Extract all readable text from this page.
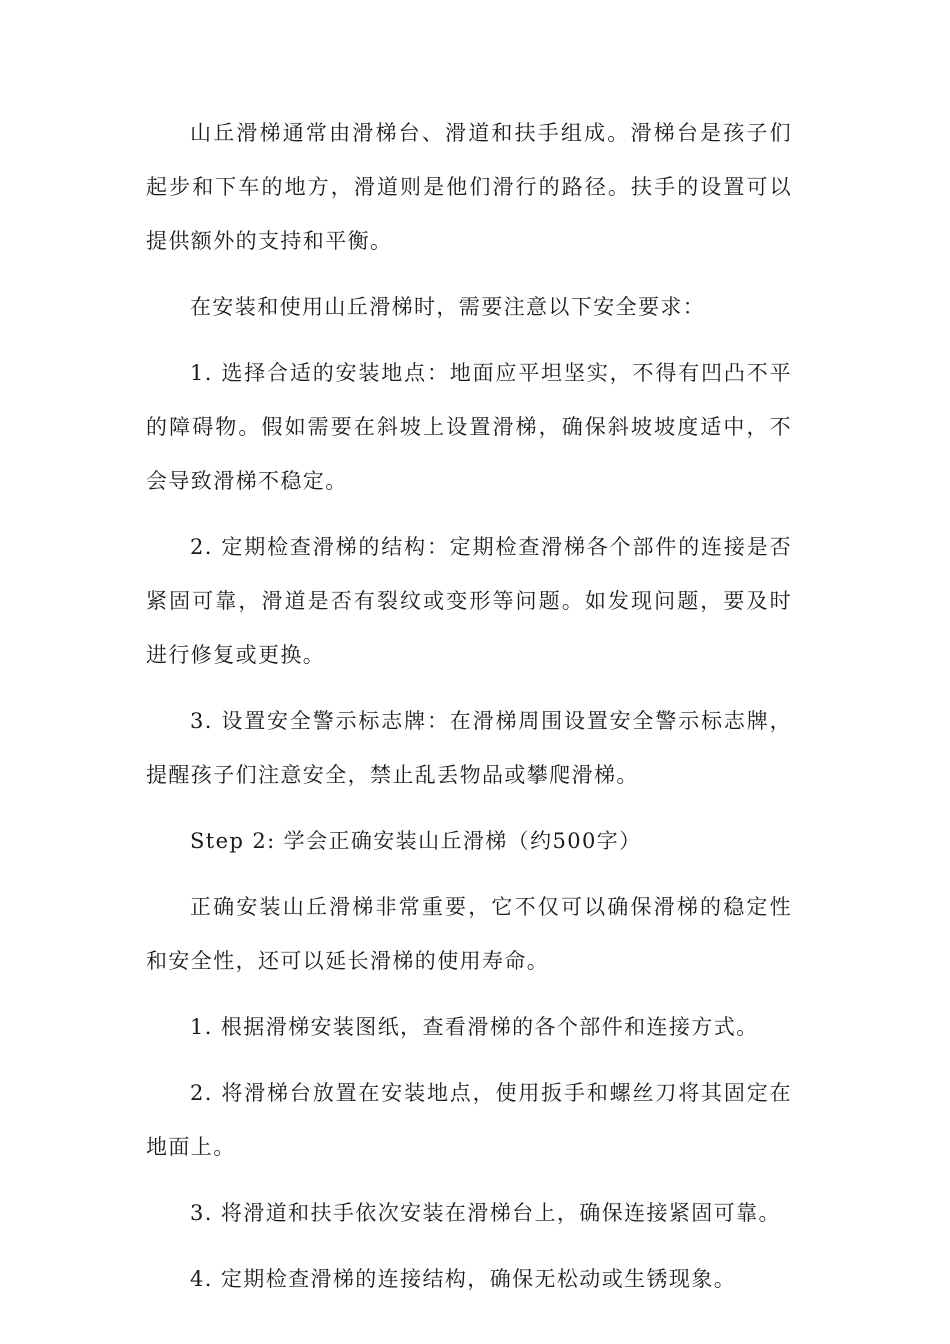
山丘滑梯通常由滑梯台、滑道和扶手组成。滑梯台是孩子们起步和下车的地方，滑道则是他们滑行的路径。扶手的设置可以提供额外的支持和平衡。

在安装和使用山丘滑梯时，需要注意以下安全要求：

1. 选择合适的安装地点：地面应平坦坚实，不得有凹凸不平的障碍物。假如需要在斜坡上设置滑梯，确保斜坡坡度适中，不会导致滑梯不稳定。

2. 定期检查滑梯的结构：定期检查滑梯各个部件的连接是否紧固可靠，滑道是否有裂纹或变形等问题。如发现问题，要及时进行修复或更换。

3. 设置安全警示标志牌：在滑梯周围设置安全警示标志牌，提醒孩子们注意安全，禁止乱丢物品或攀爬滑梯。

Step 2: 学会正确安装山丘滑梯（约500字）

正确安装山丘滑梯非常重要，它不仅可以确保滑梯的稳定性和安全性，还可以延长滑梯的使用寿命。

1. 根据滑梯安装图纸，查看滑梯的各个部件和连接方式。

2. 将滑梯台放置在安装地点，使用扳手和螺丝刀将其固定在地面上。

3. 将滑道和扶手依次安装在滑梯台上，确保连接紧固可靠。

4. 定期检查滑梯的连接结构，确保无松动或生锈现象。
